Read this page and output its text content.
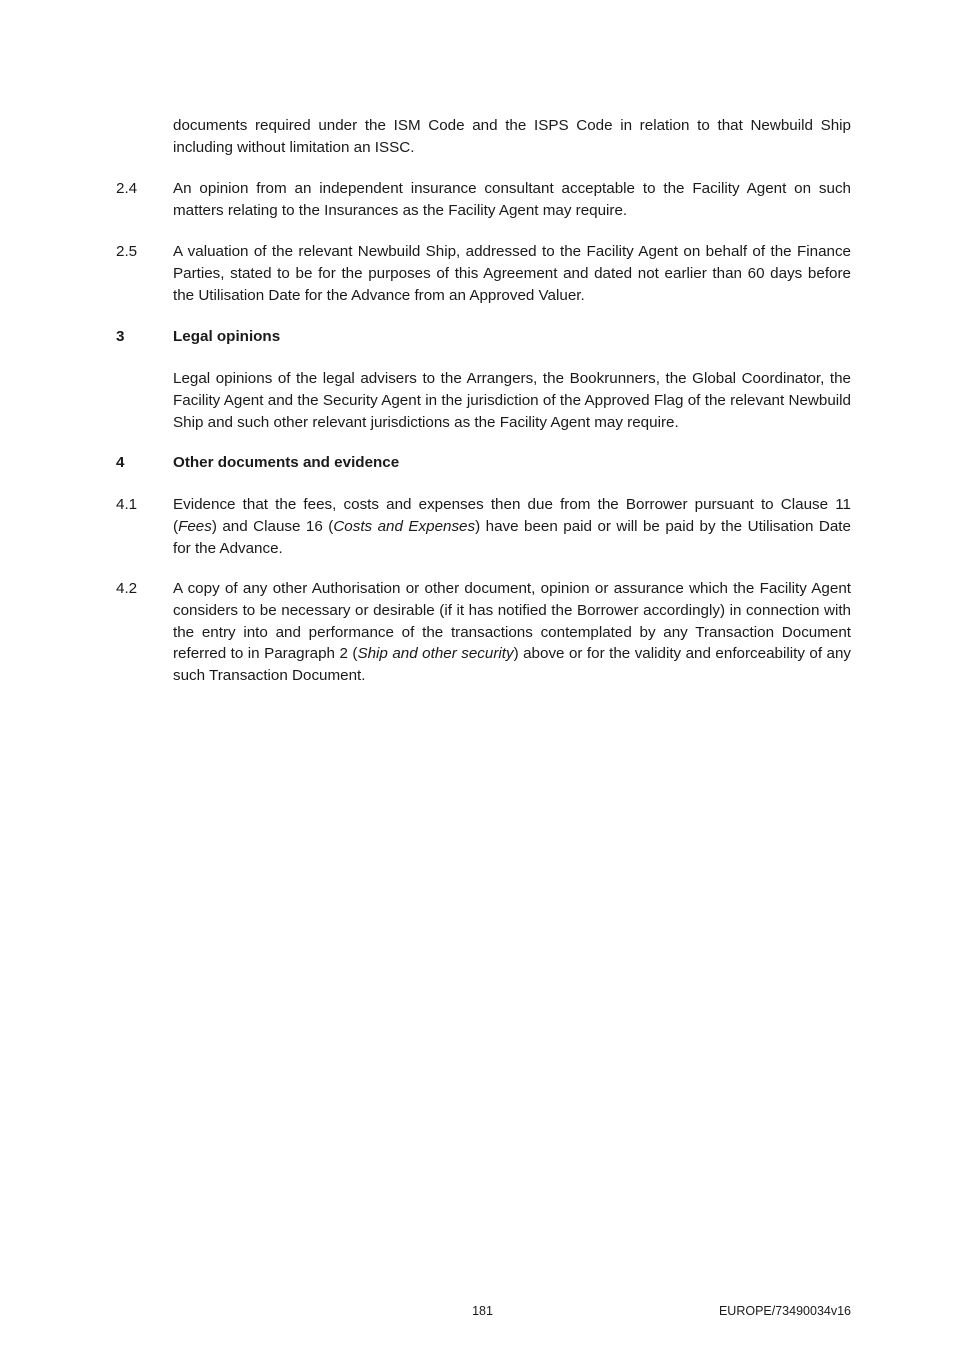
documents required under the ISM Code and the ISPS Code in relation to that Newbuild Ship including without limitation an ISSC.
2.4	An opinion from an independent insurance consultant acceptable to the Facility Agent on such matters relating to the Insurances as the Facility Agent may require.
2.5	A valuation of the relevant Newbuild Ship, addressed to the Facility Agent on behalf of the Finance Parties, stated to be for the purposes of this Agreement and dated not earlier than 60 days before the Utilisation Date for the Advance from an Approved Valuer.
3	Legal opinions
Legal opinions of the legal advisers to the Arrangers, the Bookrunners, the Global Coordinator, the Facility Agent and the Security Agent in the jurisdiction of the Approved Flag of the relevant Newbuild Ship and such other relevant jurisdictions as the Facility Agent may require.
4	Other documents and evidence
4.1	Evidence that the fees, costs and expenses then due from the Borrower pursuant to Clause 11 (Fees) and Clause 16 (Costs and Expenses) have been paid or will be paid by the Utilisation Date for the Advance.
4.2	A copy of any other Authorisation or other document, opinion or assurance which the Facility Agent considers to be necessary or desirable (if it has notified the Borrower accordingly) in connection with the entry into and performance of the transactions contemplated by any Transaction Document referred to in Paragraph 2 (Ship and other security) above or for the validity and enforceability of any such Transaction Document.
181	EUROPE/73490034v16
